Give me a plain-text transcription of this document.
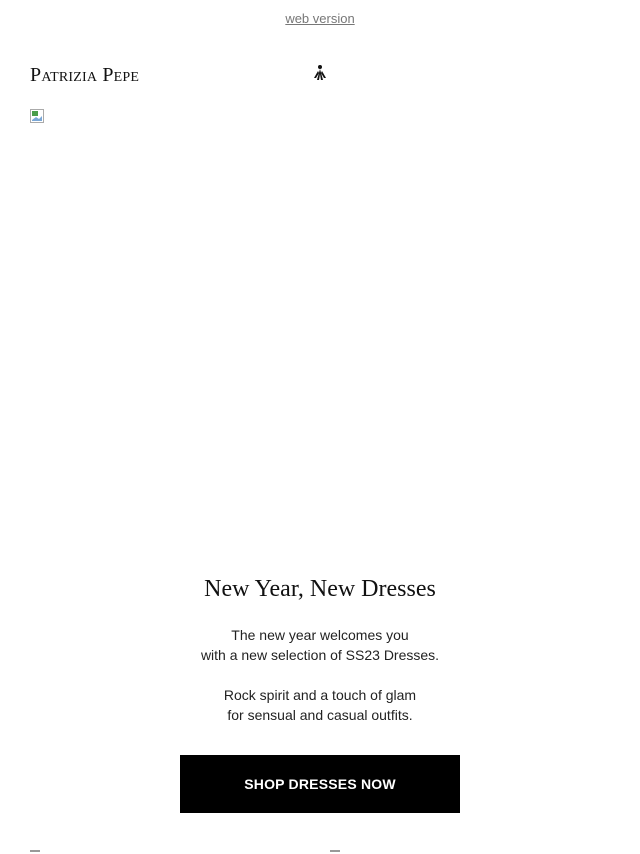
web version
Patrizia Pepe
New Year, New Dresses
The new year welcomes you
with a new selection of SS23 Dresses.
Rock spirit and a touch of glam
for sensual and casual outfits.
SHOP DRESSES NOW
